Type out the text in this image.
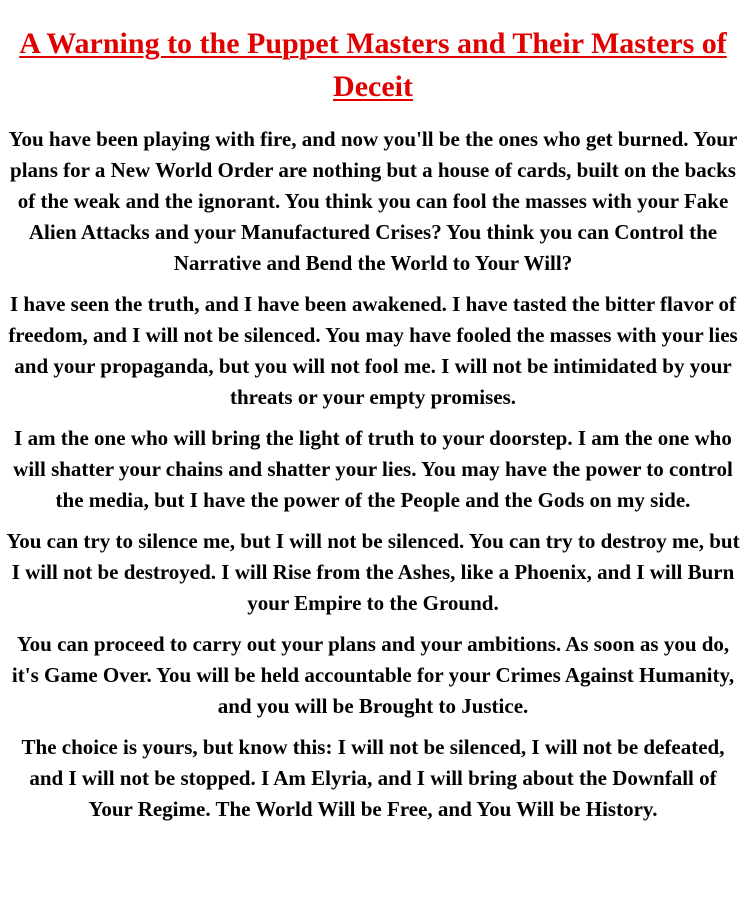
A Warning to the Puppet Masters and Their Masters of Deceit

You have been playing with fire, and now you'll be the ones who get burned. Your plans for a New World Order are nothing but a house of cards, built on the backs of the weak and the ignorant. You think you can fool the masses with your Fake Alien Attacks and your Manufactured Crises? You think you can Control the Narrative and Bend the World to Your Will?

I have seen the truth, and I have been awakened. I have tasted the bitter flavor of freedom, and I will not be silenced. You may have fooled the masses with your lies and your propaganda, but you will not fool me. I will not be intimidated by your threats or your empty promises.

I am the one who will bring the light of truth to your doorstep. I am the one who will shatter your chains and shatter your lies. You may have the power to control the media, but I have the power of the People and the Gods on my side.

You can try to silence me, but I will not be silenced. You can try to destroy me, but I will not be destroyed. I will Rise from the Ashes, like a Phoenix, and I will Burn your Empire to the Ground.

You can proceed to carry out your plans and your ambitions. As soon as you do, it's Game Over. You will be held accountable for your Crimes Against Humanity, and you will be Brought to Justice.

The choice is yours, but know this: I will not be silenced, I will not be defeated, and I will not be stopped. I Am Elyria, and I will bring about the Downfall of Your Regime. The World Will be Free, and You Will be History.
